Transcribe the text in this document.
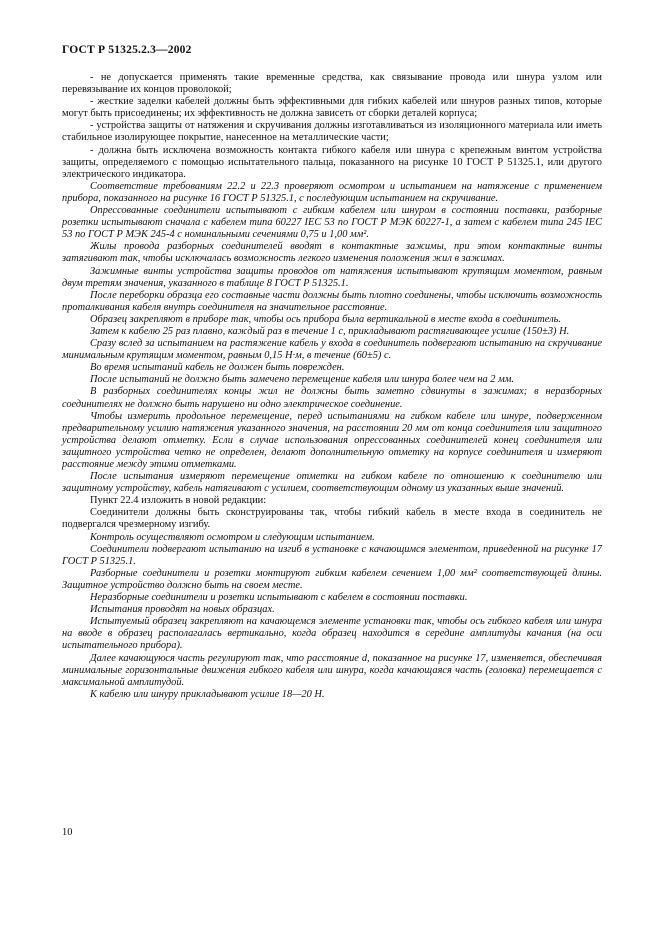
ГОСТ Р 51325.2.3—2002

- не допускается применять такие временные средства, как связывание провода или шнура узлом или перевязывание их концов проволокой;

- жесткие заделки кабелей должны быть эффективными для гибких кабелей или шнуров разных типов, которые могут быть присоединены; их эффективность не должна зависеть от сборки деталей корпуса;

- устройства защиты от натяжения и скручивания должны изготавливаться из изоляционного материала или иметь стабильное изолирующее покрытие, нанесенное на металлические части;

- должна быть исключена возможность контакта гибкого кабеля или шнура с крепежным винтом устройства защиты, определяемого с помощью испытательного пальца, показанного на рисунке 10 ГОСТ Р 51325.1, или другого электрического индикатора.

Соответствие требованиям 22.2 и 22.3 проверяют осмотром и испытанием на натяжение с применением прибора, показанного на рисунке 16 ГОСТ Р 51325.1, с последующим испытанием на скручивание.

Опрессованные соединители испытывают с гибким кабелем или шнуром в состоянии поставки, разборные розетки испытывают сначала с кабелем типа 60227 IEC 53 по ГОСТ Р МЭК 60227-1, а затем с кабелем типа 245 IEC 53 по ГОСТ Р МЭК 245-4 с номинальными сечениями 0,75 и 1,00 мм².

Жилы провода разборных соединителей вводят в контактные зажимы, при этом контактные винты затягивают так, чтобы исключалась возможность легкого изменения положения жил в зажимах.

Зажимные винты устройства защиты проводов от натяжения испытывают крутящим моментом, равным двум третям значения, указанного в таблице 8 ГОСТ Р 51325.1.

После переборки образца его составные части должны быть плотно соединены, чтобы исключить возможность проталкивания кабеля внутрь соединителя на значительное расстояние.

Образец закрепляют в приборе так, чтобы ось прибора была вертикальной в месте входа в соединитель.

Затем к кабелю 25 раз плавно, каждый раз в течение 1 с, прикладывают растягивающее усилие (150±3) Н.

Сразу вслед за испытанием на растяжение кабель у входа в соединитель подвергают испытанию на скручивание минимальным крутящим моментом, равным 0,15 Н·м, в течение (60±5) с.

Во время испытаний кабель не должен быть поврежден.

После испытаний не должно быть замечено перемещение кабеля или шнура более чем на 2 мм.

В разборных соединителях концы жил не должны быть заметно сдвинуты в зажимах; в неразборных соединителях не должно быть нарушено ни одно электрическое соединение.

Чтобы измерить продольное перемещение, перед испытаниями на гибком кабеле или шнуре, подверженном предварительному усилию натяжения указанного значения, на расстоянии 20 мм от конца соединителя или защитного устройства делают отметку. Если в случае использования опрессованных соединителей конец соединителя или защитного устройства четко не определен, делают дополнительную отметку на корпусе соединителя и измеряют расстояние между этими отметками.

После испытания измеряют перемещение отметки на гибком кабеле по отношению к соединителю или защитному устройству, кабель натягивают с усилием, соответствующим одному из указанных выше значений.

Пункт 22.4 изложить в новой редакции:

Соединители должны быть сконструированы так, чтобы гибкий кабель в месте входа в соединитель не подвергался чрезмерному изгибу.

Контроль осуществляют осмотром и следующим испытанием.

Соединители подвергают испытанию на изгиб в установке с качающимся элементом, приведенной на рисунке 17 ГОСТ Р 51325.1.

Разборные соединители и розетки монтируют гибким кабелем сечением 1,00 мм² соответствующей длины. Защитное устройство должно быть на своем месте.

Неразборные соединители и розетки испытывают с кабелем в состоянии поставки.

Испытания проводят на новых образцах.

Испытуемый образец закрепляют на качающемся элементе установки так, чтобы ось гибкого кабеля или шнура на вводе в образец располагалась вертикально, когда образец находится в середине амплитуды качания (на оси испытательного прибора).

Далее качающуюся часть регулируют так, что расстояние d, показанное на рисунке 17, изменяется, обеспечивая минимальные горизонтальные движения гибкого кабеля или шнура, когда качающаяся часть (головка) перемещается с максимальной амплитудой.

К кабелю или шнуру прикладывают усилие 18—20 Н.

10
